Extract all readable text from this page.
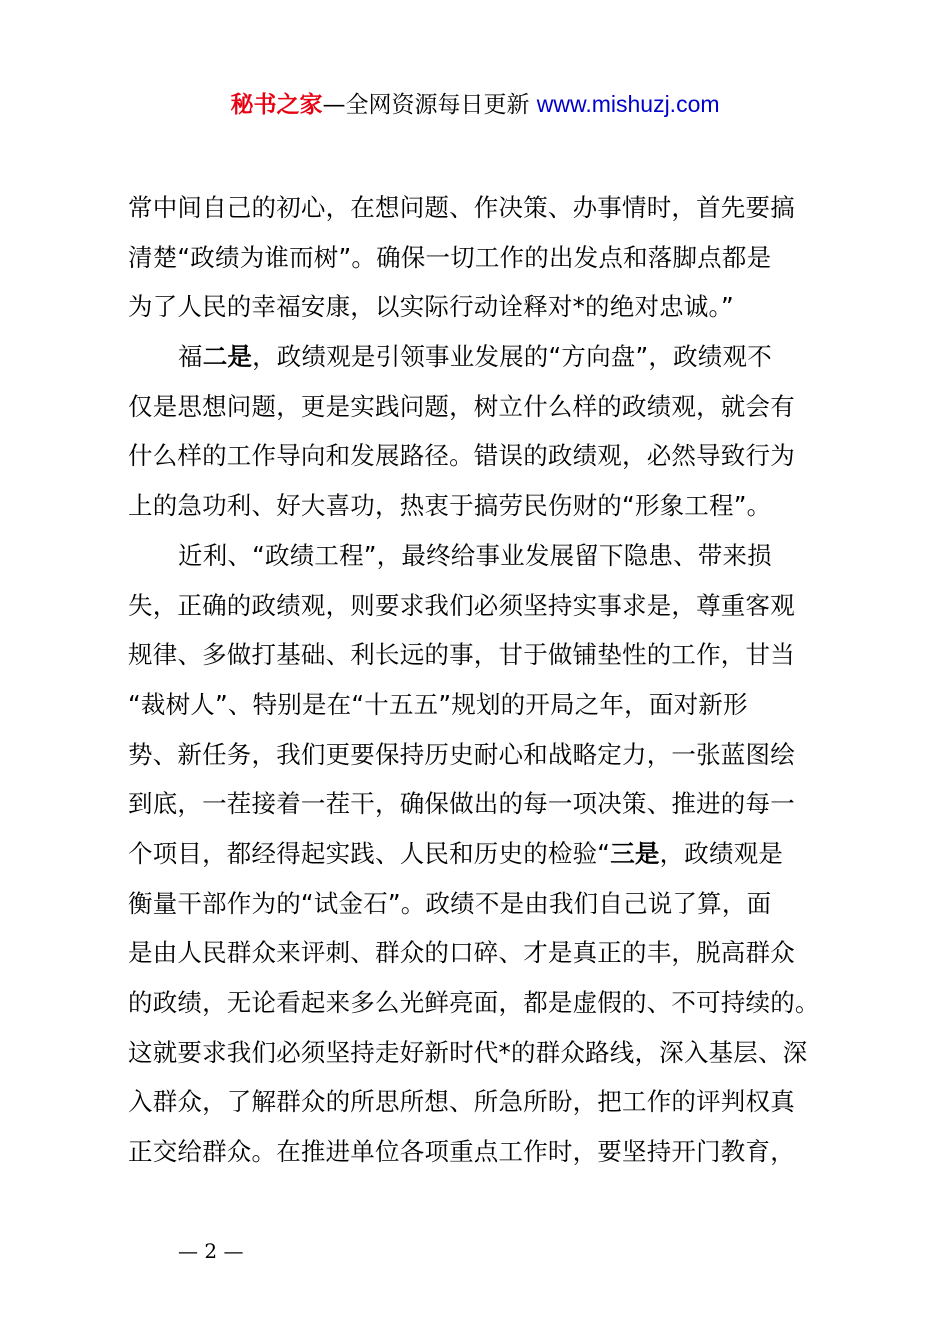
秘书之家—全网资源每日更新 www.mishuzj.com
常中间自己的初心，在想问题、作决策、办事情时，首先要搞
清楚“政绩为谁而树”。确保一切工作的出发点和落脚点都是
为了人民的幸福安康，以实际行动诠释对*的绝对忠诚。”
福二是，政绩观是引领事业发展的“方向盘”，政绩观不
仅是思想问题，更是实践问题，树立什么样的政绩观，就会有
什么样的工作导向和发展路径。错误的政绩观，必然导致行为
上的急功利、好大喜功，热衷于搞劳民伤财的“形象工程”。
近利、“政绩工程”，最终给事业发展留下隐患、带来损
失，正确的政绩观，则要求我们必须坚持实事求是，尊重客观
规律、多做打基础、利长远的事，甘于做铺垫性的工作，甘当
“裁树人”、特别是在“十五五”规划的开局之年，面对新形
势、新任务，我们更要保持历史耐心和战略定力，一张蓝图绘
到底，一茬接着一茬干，确保做出的每一项决策、推进的每一
个项目，都经得起实践、人民和历史的检验“三是，政绩观是
衡量干部作为的“试金石”。政绩不是由我们自己说了算，面
是由人民群众来评刺、群众的口碎、才是真正的丰，脱高群众
的政绩，无论看起来多么光鲜亮面，都是虚假的、不可持续的。
这就要求我们必须坚持走好新时代*的群众路线，深入基层、深
入群众，了解群众的所思所想、所急所盼，把工作的评判权真
正交给群众。在推进单位各项重点工作时，要坚持开门教育，
— 2 —
